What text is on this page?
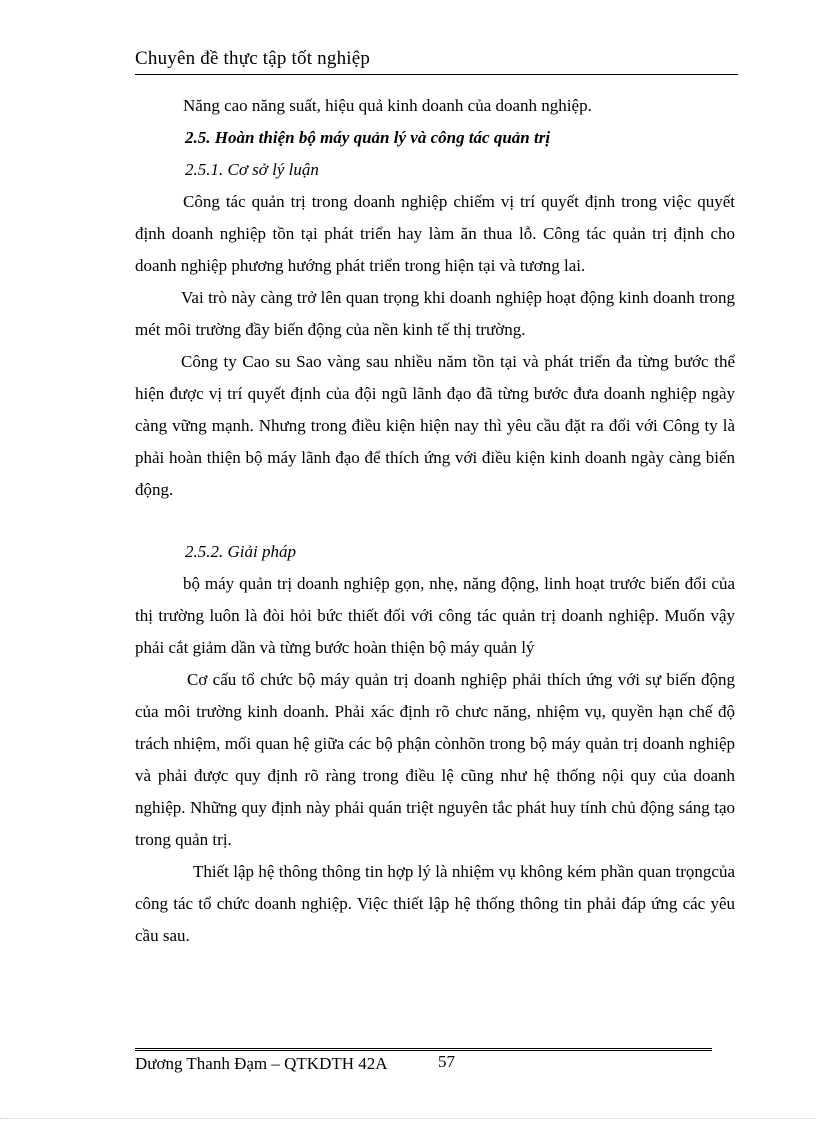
Chuyên đề thực tập tốt nghiệp

Năng cao năng suất, hiệu quả kinh doanh của doanh nghiệp.

2.5. Hoàn thiện bộ máy quản lý và công tác quản trị

2.5.1. Cơ sở lý luận

Công tác quản trị trong doanh nghiệp chiếm vị trí quyết định trong việc quyết định doanh nghiệp tồn tại phát triển hay làm ăn thua lỗ. Công tác quản trị định cho doanh nghiệp phương hướng phát triển trong hiện tại và tương lai.

Vai trò này càng trở lên quan trọng khi doanh nghiệp hoạt động kinh doanh trong mét môi trường đầy biến động của nền kinh tế thị trường.

Công ty Cao su Sao vàng sau nhiều năm tồn tại và phát triển đa từng bước thể hiện được vị trí quyết định của đội ngũ lãnh đạo đã từng bước đưa doanh nghiệp ngày càng vững mạnh. Nhưng trong điều kiện hiện nay thì yêu cầu đặt ra đối với Công ty là phải hoàn thiện bộ máy lãnh đạo để thích ứng với điều kiện kinh doanh ngày càng biến động.

2.5.2. Giải pháp

bộ máy quản trị doanh nghiệp gọn, nhẹ, năng động, linh hoạt trước biến đổi của thị trường luôn là đòi hỏi bức thiết đối với công tác quản trị doanh nghiệp. Muốn vậy phải cắt giảm dần và từng bước hoàn thiện bộ máy quản lý

Cơ cấu tổ chức bộ máy quản trị doanh nghiệp phải thích ứng với sự biến động của môi trường kinh doanh. Phải xác định rõ chưc năng, nhiệm vụ, quyền hạn chế độ trách nhiệm, mối quan hệ giữa các bộ phận cònhõn trong bộ máy quản trị doanh nghiệp và phải được quy định rõ ràng trong điều lệ cũng như hệ thống nội quy của doanh nghiệp. Những quy định này phải quán triệt nguyên tắc phát huy tính chủ động sáng tạo trong quản trị.

Thiết lập hệ thông thông tin hợp lý là nhiệm vụ không kém phần quan trọngcủa công tác tổ chức doanh nghiệp. Việc thiết lập hệ thống thông tin phải đáp ứng các yêu cầu sau.

Dương Thanh Đạm – QTKDTH 42A	57
